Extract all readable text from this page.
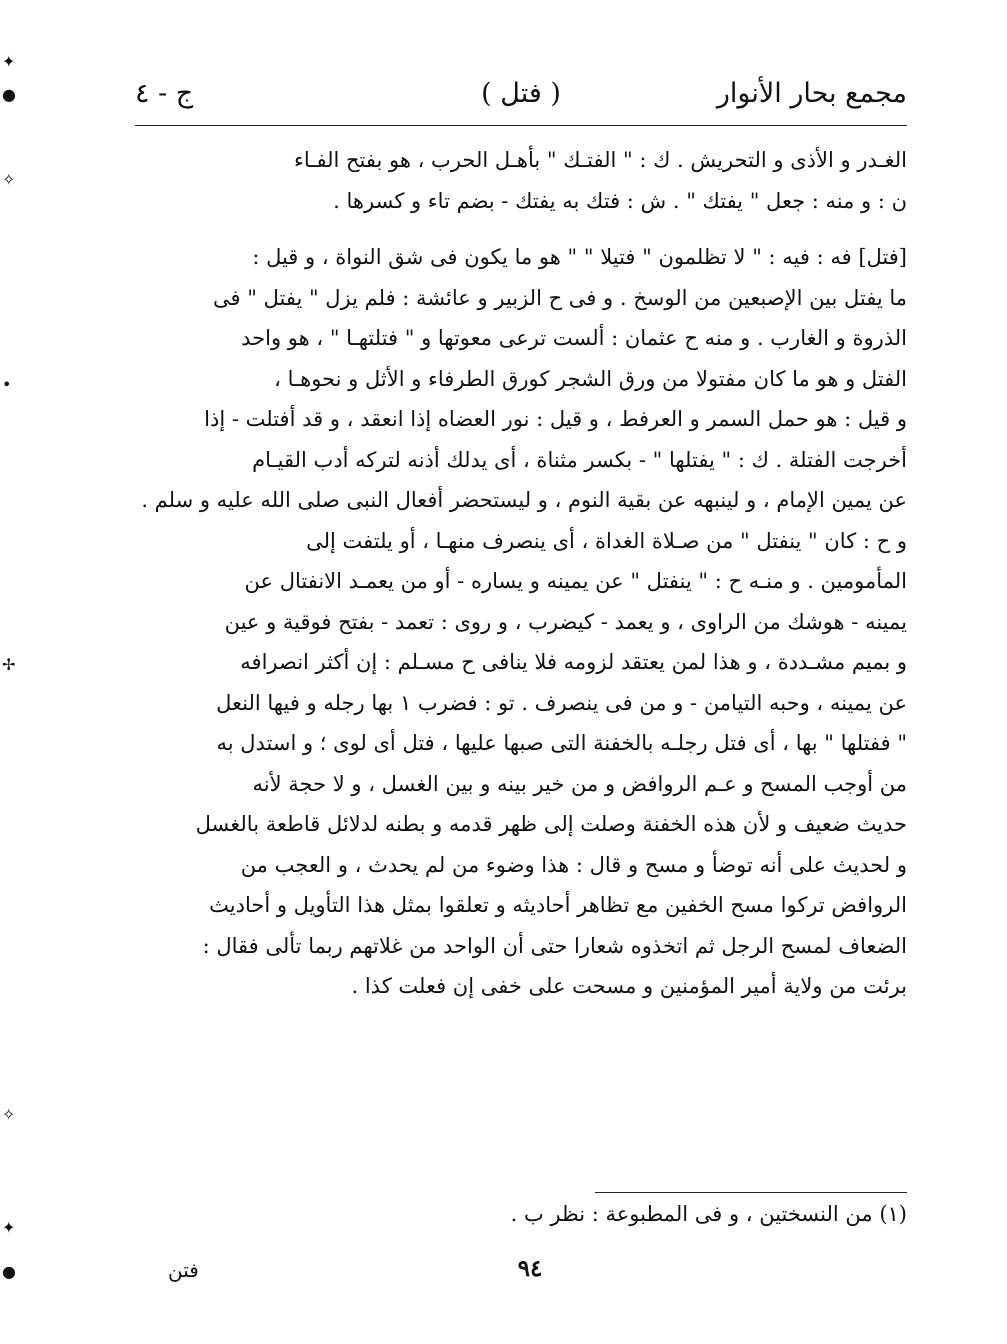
مجمع بحار الأنوار
( فتل )
ج - ٤
الغـدر و الأذى و التحريش . ك : " الفتـك " بأهـل الحرب ، هو بفتح الفـاء
ن : و منه : جعل " يفتك " . ش : فتك به يفتك - بضم تاء و كسرها .
[فتل] فه : فيه : " لا تظلمون " فتيلا " " هو ما يكون فى شق النواة ، و قيل :
ما يفتل بين الإصبعين من الوسخ . و فى ح الزبير و عائشة : فلم يزل " يفتل " فى
الذروة و الغارب . و منه ح عثمان : ألست ترعى معوتها و " فتلتهـا " ، هو واحد
الفتل و هو ما كان مفتولا من ورق الشجر كورق الطرفاء و الأثل و نحوهـا ،
و قيل : هو حمل السمر و العرفط ، و قيل : نور العضاه إذا انعقد ، و قد أفتلت - إذا
أخرجت الفتلة . ك : " يفتلها " - بكسر مثناة ، أى يدلك أذنه لتركه أدب القيـام
عن يمين الإمام ، و لينبهه عن بقية النوم ، و ليستحضر أفعال النبى صلى الله عليه و سلم .
و ح : كان " ينفتل " من صـلاة الغداة ، أى ينصرف منهـا ، أو يلتفت إلى
المأمومين . و منـه ح : " ينفتل " عن يمينه و يساره - أو من يعمـد الانفتال عن
يمينه - هوشك من الراوى ، و يعمد - كيضرب ، و روى : تعمد - بفتح فوقية و عين
و بميم مشـددة ، و هذا لمن يعتقد لزومه فلا ينافى ح مسـلم : إن أكثر انصرافه
عن يمينه ، وحبه التيامن - و من فى ينصرف . تو : فضرب ١ بها رجله و فيها النعل
" ففتلها " بها ، أى فتل رجلـه بالخفنة التى صبها عليها ، فتل أى لوى ؛ و استدل به
من أوجب المسح و عـم الروافض و من خير بينه و بين الغسل ، و لا حجة لأنه
حديث ضعيف و لأن هذه الخفنة وصلت إلى ظهر قدمه و بطنه لدلائل قاطعة بالغسل
و لحديث على أنه توضأ و مسح و قال : هذا وضوء من لم يحدث ، و العجب من
الروافض تركوا مسح الخفين مع تظاهر أحاديثه و تعلقوا بمثل هذا التأويل و أحاديث
الضعاف لمسح الرجل ثم اتخذوه شعارا حتى أن الواحد من غلاتهم ربما تألى فقال :
برئت من ولاية أمير المؤمنين و مسحت على خفى إن فعلت كذا .
(١) من النسختين ، و فى المطبوعة : نظر ب .
٩٤
فتن
✦
●
✧
•
✢
✧
✦
●
